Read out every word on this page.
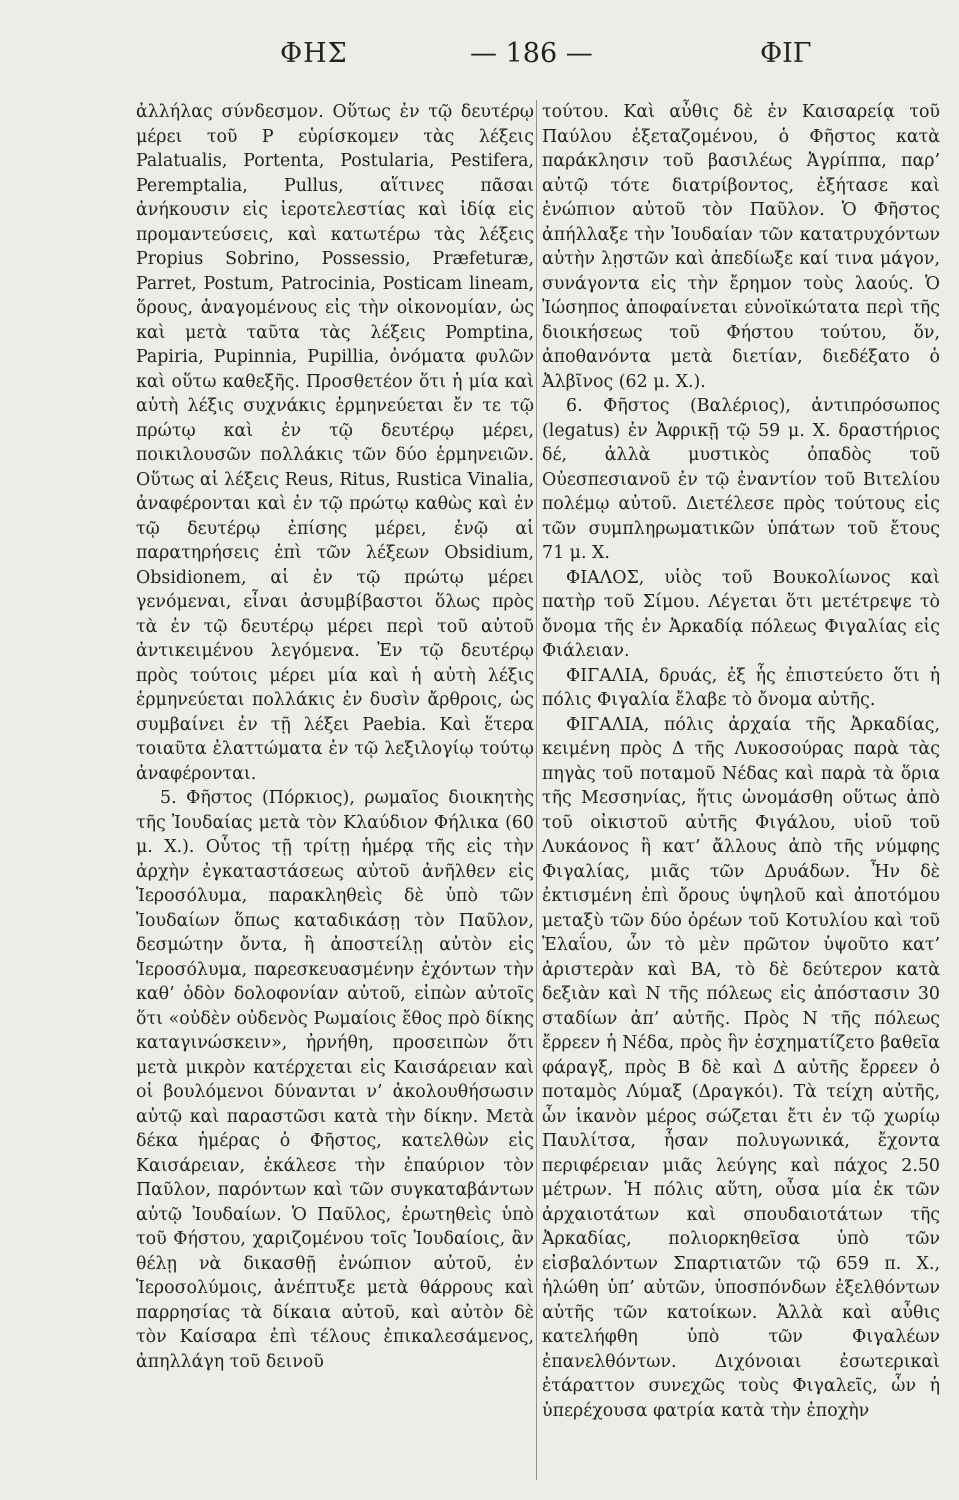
ΦΗΣ	— 186 —	ΦΙΓ

ἀλλήλας σύνδεσμον. Οὕτως ἐν τῷ δευτέρῳ μέρει τοῦ P εὑρίσκομεν τὰς λέξεις Palatualis, Portenta, Postularia, Pestifera, Peremptalia, Pullus, αἵτινες πᾶσαι ἀνήκουσιν εἰς ἱεροτελεστίας καὶ ἰδίᾳ εἰς προμαντεύσεις, καὶ κατωτέρω τὰς λέξεις Propius Sobrino, Possessio, Præfeturæ, Parret, Postum, Patrocinia, Posticam lineam, ὅρους, ἀναγομένους εἰς τὴν οἰκονομίαν, ὡς καὶ μετὰ ταῦτα τὰς λέξεις Pomptina, Papiria, Pupinnia, Pupillia, ὀνόματα φυλῶν καὶ οὕτω καθεξῆς. Προσθετέον ὅτι ἡ μία καὶ αὐτὴ λέξις συχνάκις ἑρμηνεύεται ἔν τε τῷ πρώτῳ καὶ ἐν τῷ δευτέρῳ μέρει, ποικιλουσῶν πολλάκις τῶν δύο ἑρμηνειῶν. Οὕτως αἱ λέξεις Reus, Ritus, Rustica Vinalia, ἀναφέρονται καὶ ἐν τῷ πρώτῳ καθὼς καὶ ἐν τῷ δευτέρῳ ἐπίσης μέρει, ἐνῷ αἱ παρατηρήσεις ἐπὶ τῶν λέξεων Obsidium, Obsidionem, αἱ ἐν τῷ πρώτῳ μέρει γενόμεναι, εἶναι ἀσυμβίβαστοι ὅλως πρὸς τὰ ἐν τῷ δευτέρῳ μέρει περὶ τοῦ αὐτοῦ ἀντικειμένου λεγόμενα. Ἐν τῷ δευτέρῳ πρὸς τούτοις μέρει μία καὶ ἡ αὐτὴ λέξις ἑρμηνεύεται πολλάκις ἐν δυσὶν ἄρθροις, ὡς συμβαίνει ἐν τῇ λέξει Paebia. Καὶ ἕτερα τοιαῦτα ἐλαττώματα ἐν τῷ λεξιλογίῳ τούτῳ ἀναφέρονται.

5. Φῆστος (Πόρκιος), ρωμαῖος διοικητὴς τῆς Ἰουδαίας μετὰ τὸν Κλαύδιον Φήλικα (60 μ. Χ.). Οὗτος τῇ τρίτῃ ἡμέρᾳ τῆς εἰς τὴν ἀρχὴν ἐγκαταστάσεως αὐτοῦ ἀνῆλθεν εἰς Ἱεροσόλυμα, παρακληθεὶς δὲ ὑπὸ τῶν Ἰουδαίων ὅπως καταδικάσῃ τὸν Παῦλον, δεσμώτην ὄντα, ἢ ἀποστείλῃ αὐτὸν εἰς Ἱεροσόλυμα, παρεσκευασμένην ἐχόντων τὴν καθ’ ὁδὸν δολοφονίαν αὐτοῦ, εἰπὼν αὐτοῖς ὅτι «οὐδὲν οὐδενὸς Ρωμαίοις ἔθος πρὸ δίκης καταγινώσκειν», ἠρνήθη, προσειπὼν ὅτι μετὰ μικρὸν κατέρχεται εἰς Καισάρειαν καὶ οἱ βουλόμενοι δύνανται ν’ ἀκολουθήσωσιν αὐτῷ καὶ παραστῶσι κατὰ τὴν δίκην. Μετὰ δέκα ἡμέρας ὁ Φῆστος, κατελθὼν εἰς Καισάρειαν, ἐκάλεσε τὴν ἐπαύριον τὸν Παῦλον, παρόντων καὶ τῶν συγκαταβάντων αὐτῷ Ἰουδαίων. Ὁ Παῦλος, ἐρωτηθεὶς ὑπὸ τοῦ Φήστου, χαριζομένου τοῖς Ἰουδαίοις, ἂν θέλῃ νὰ δικασθῇ ἐνώπιον αὐτοῦ, ἐν Ἱεροσολύμοις, ἀνέπτυξε μετὰ θάρρους καὶ παρρησίας τὰ δίκαια αὐτοῦ, καὶ αὐτὸν δὲ τὸν Καίσαρα ἐπὶ τέλους ἐπικαλεσάμενος, ἀπηλλάγη τοῦ δεινοῦ

τούτου. Καὶ αὖθις δὲ ἐν Καισαρείᾳ τοῦ Παύλου ἐξεταζομένου, ὁ Φῆστος κατὰ παράκλησιν τοῦ βασιλέως Ἀγρίππα, παρ’ αὐτῷ τότε διατρίβοντος, ἐξήτασε καὶ ἐνώπιον αὐτοῦ τὸν Παῦλον. Ὁ Φῆστος ἀπήλλαξε τὴν Ἰουδαίαν τῶν κατατρυχόντων αὐτὴν λῃστῶν καὶ ἀπεδίωξε καί τινα μάγον, συνάγοντα εἰς τὴν ἔρημον τοὺς λαούς. Ὁ Ἰώσηπος ἀποφαίνεται εὐνοϊκώτατα περὶ τῆς διοικήσεως τοῦ Φήστου τούτου, ὅν, ἀποθανόντα μετὰ διετίαν, διεδέξατο ὁ Ἀλβῖνος (62 μ. Χ.).

6. Φῆστος (Βαλέριος), ἀντιπρόσωπος (legatus) ἐν Ἀφρικῇ τῷ 59 μ. Χ. δραστήριος δέ, ἀλλὰ μυστικὸς ὀπαδὸς τοῦ Οὐεσπεσιανοῦ ἐν τῷ ἐναντίον τοῦ Βιτελίου πολέμῳ αὐτοῦ. Διετέλεσε πρὸς τούτους εἰς τῶν συμπληρωματικῶν ὑπάτων τοῦ ἔτους 71 μ. Χ.

ΦΙΑΛΟΣ, υἱὸς τοῦ Βουκολίωνος καὶ πατὴρ τοῦ Σίμου. Λέγεται ὅτι μετέτρεψε τὸ ὄνομα τῆς ἐν Ἀρκαδίᾳ πόλεως Φιγαλίας εἰς Φιάλειαν.

ΦΙΓΑΛΙΑ, δρυάς, ἐξ ἧς ἐπιστεύετο ὅτι ἡ πόλις Φιγαλία ἔλαβε τὸ ὄνομα αὐτῆς.

ΦΙΓΑΛΙΑ, πόλις ἀρχαία τῆς Ἀρκαδίας, κειμένη πρὸς Δ τῆς Λυκοσούρας παρὰ τὰς πηγὰς τοῦ ποταμοῦ Νέδας καὶ παρὰ τὰ ὅρια τῆς Μεσσηνίας, ἥτις ὠνομάσθη οὕτως ἀπὸ τοῦ οἰκιστοῦ αὐτῆς Φιγάλου, υἱοῦ τοῦ Λυκάονος ἢ κατ’ ἄλλους ἀπὸ τῆς νύμφης Φιγαλίας, μιᾶς τῶν Δρυάδων. Ἦν δὲ ἐκτισμένη ἐπὶ ὄρους ὑψηλοῦ καὶ ἀποτόμου μεταξὺ τῶν δύο ὀρέων τοῦ Κοτυλίου καὶ τοῦ Ἐλαΐου, ὧν τὸ μὲν πρῶτον ὑψοῦτο κατ’ ἀριστερὰν καὶ ΒΑ, τὸ δὲ δεύτερον κατὰ δεξιὰν καὶ Ν τῆς πόλεως εἰς ἀπόστασιν 30 σταδίων ἀπ’ αὐτῆς. Πρὸς Ν τῆς πόλεως ἔρρεεν ἡ Νέδα, πρὸς ἣν ἐσχηματίζετο βαθεῖα φάραγξ, πρὸς Β δὲ καὶ Δ αὐτῆς ἔρρεεν ὁ ποταμὸς Λύμαξ (Δραγκόι). Τὰ τείχη αὐτῆς, ὧν ἱκανὸν μέρος σώζεται ἔτι ἐν τῷ χωρίῳ Παυλίτσα, ἦσαν πολυγωνικά, ἔχοντα περιφέρειαν μιᾶς λεύγης καὶ πάχος 2.50 μέτρων. Ἡ πόλις αὕτη, οὖσα μία ἐκ τῶν ἀρχαιοτάτων καὶ σπουδαιοτάτων τῆς Ἀρκαδίας, πολιορκηθεῖσα ὑπὸ τῶν εἰσβαλόντων Σπαρτιατῶν τῷ 659 π. Χ., ἡλώθη ὑπ’ αὐτῶν, ὑποσπόνδων ἐξελθόντων αὐτῆς τῶν κατοίκων. Ἀλλὰ καὶ αὖθις κατελήφθη ὑπὸ τῶν Φιγαλέων ἐπανελθόντων. Διχόνοιαι ἐσωτερικαὶ ἐτάραττον συνεχῶς τοὺς Φιγαλεῖς, ὧν ἡ ὑπερέχουσα φατρία κατὰ τὴν ἐποχὴν
